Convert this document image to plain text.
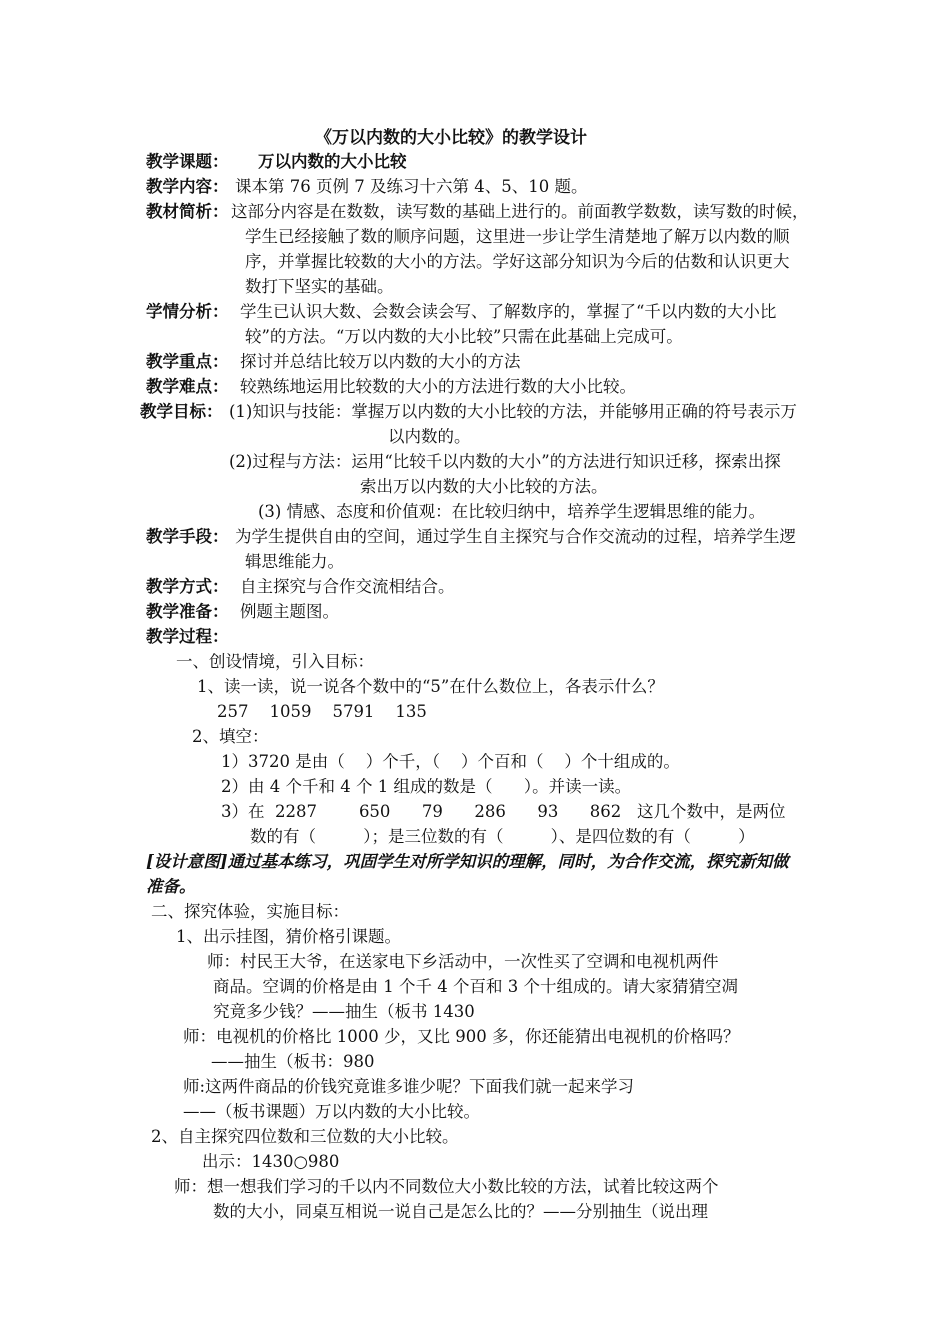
《万以内数的大小比较》的教学设计
教学课题： 万以内数的大小比较
教学内容： 课本第 76 页例 7 及练习十六第 4、5、10 题。
教材简析： 这部分内容是在数数，读写数的基础上进行的。前面教学数数，读写数的时候，
学生已经接触了数的顺序问题，这里进一步让学生清楚地了解万以内数的顺
序，并掌握比较数的大小的方法。学好这部分知识为今后的估数和认识更大
数打下坚实的基础。
学情分析： 学生已认识大数、会数会读会写、了解数序的，掌握了“千以内数的大小比
较”的方法。“万以内数的大小比较”只需在此基础上完成可。
教学重点： 探讨并总结比较万以内数的大小的方法
教学难点： 较熟练地运用比较数的大小的方法进行数的大小比较。
教学目标： (1)知识与技能：掌握万以内数的大小比较的方法，并能够用正确的符号表示万
以内数的。
(2)过程与方法：运用“比较千以内数的大小”的方法进行知识迁移，探索出探
索出万以内数的大小比较的方法。
(3) 情感、态度和价值观：在比较归纳中，培养学生逻辑思维的能力。
教学手段： 为学生提供自由的空间，通过学生自主探究与合作交流动的过程，培养学生逻
辑思维能力。
教学方式： 自主探究与合作交流相结合。
教学准备： 例题主题图。
教学过程：
一、创设情境，引入目标：
1、读一读，说一说各个数中的“5”在什么数位上，各表示什么？
257    1059    5791    135
2、填空：
1）3720 是由（    ）个千，（    ）个百和（    ）个十组成的。
2）由 4 个千和 4 个 1 组成的数是（      ）。并读一读。
3）在  2287        650      79      286      93      862   这几个数中，是两位
数的有（         ）；是三位数的有（         ）、是四位数的有（         ）
[设计意图]通过基本练习，巩固学生对所学知识的理解，同时，为合作交流，探究新知做
准备。
二、探究体验，实施目标：
1、出示挂图，猜价格引课题。
师：村民王大爷，在送家电下乡活动中，一次性买了空调和电视机两件
商品。空调的价格是由 1 个千 4 个百和 3 个十组成的。请大家猜猜空凋
究竟多少钱？——抽生（板书 1430
师：电视机的价格比 1000 少，又比 900 多，你还能猜出电视机的价格吗？
——抽生（板书：980
师:这两件商品的价钱究竟谁多谁少呢？下面我们就一起来学习
——（板书课题）万以内数的大小比较。
2、自主探究四位数和三位数的大小比较。
出示：1430○980
师：想一想我们学习的千以内不同数位大小数比较的方法，试着比较这两个
数的大小，同桌互相说一说自己是怎么比的？——分别抽生（说出理
